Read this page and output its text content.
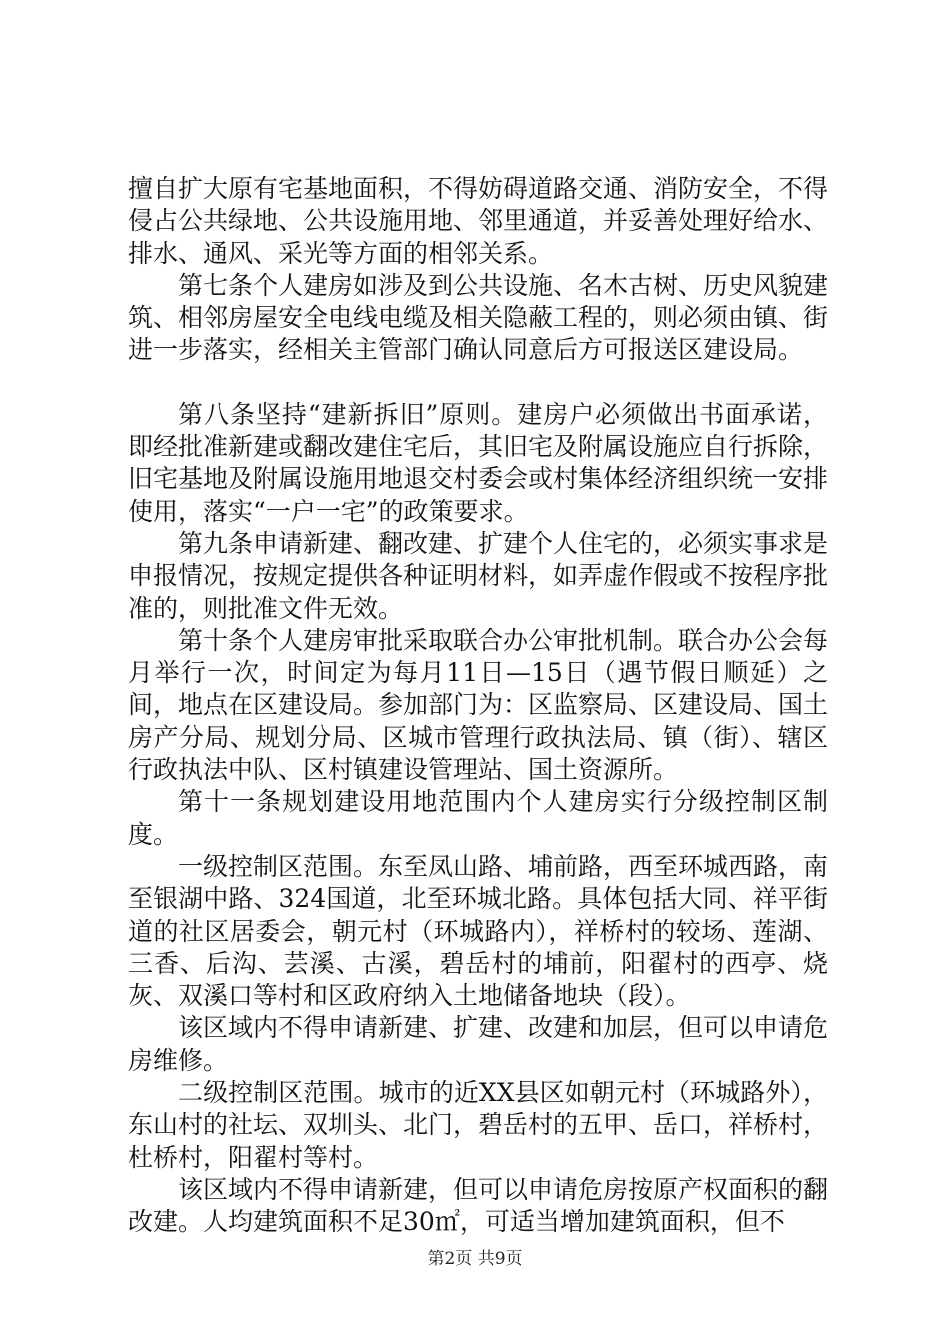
擅自扩大原有宅基地面积，不得妨碍道路交通、消防安全，不得侵占公共绿地、公共设施用地、邻里通道，并妥善处理好给水、排水、通风、采光等方面的相邻关系。

第七条个人建房如涉及到公共设施、名木古树、历史风貌建筑、相邻房屋安全电线电缆及相关隐蔽工程的，则必须由镇、街进一步落实，经相关主管部门确认同意后方可报送区建设局。

第八条坚持“建新拆旧”原则。建房户必须做出书面承诺，即经批准新建或翻改建住宅后，其旧宅及附属设施应自行拆除，旧宅基地及附属设施用地退交村委会或村集体经济组织统一安排使用，落实“一户一宅”的政策要求。

第九条申请新建、翻改建、扩建个人住宅的，必须实事求是申报情况，按规定提供各种证明材料，如弄虚作假或不按程序批准的，则批准文件无效。

第十条个人建房审批采取联合办公审批机制。联合办公会每月举行一次，时间定为每月11日—15日（遇节假日顺延）之间，地点在区建设局。参加部门为：区监察局、区建设局、国土房产分局、规划分局、区城市管理行政执法局、镇（街）、辖区行政执法中队、区村镇建设管理站、国土资源所。

第十一条规划建设用地范围内个人建房实行分级控制区制度。

一级控制区范围。东至凤山路、埔前路，西至环城西路，南至银湖中路、324国道，北至环城北路。具体包括大同、祥平街道的社区居委会，朝元村（环城路内），祥桥村的较场、莲湖、三香、后沟、芸溪、古溪，碧岳村的埔前，阳翟村的西亭、烧灰、双溪口等村和区政府纳入土地储备地块（段）。

该区域内不得申请新建、扩建、改建和加层，但可以申请危房维修。

二级控制区范围。城市的近XX县区如朝元村（环城路外），东山村的社坛、双圳头、北门，碧岳村的五甲、岳口，祥桥村，杜桥村，阳翟村等村。

该区域内不得申请新建，但可以申请危房按原产权面积的翻改建。人均建筑面积不足30㎡，可适当增加建筑面积，但不

第2页 共9页
